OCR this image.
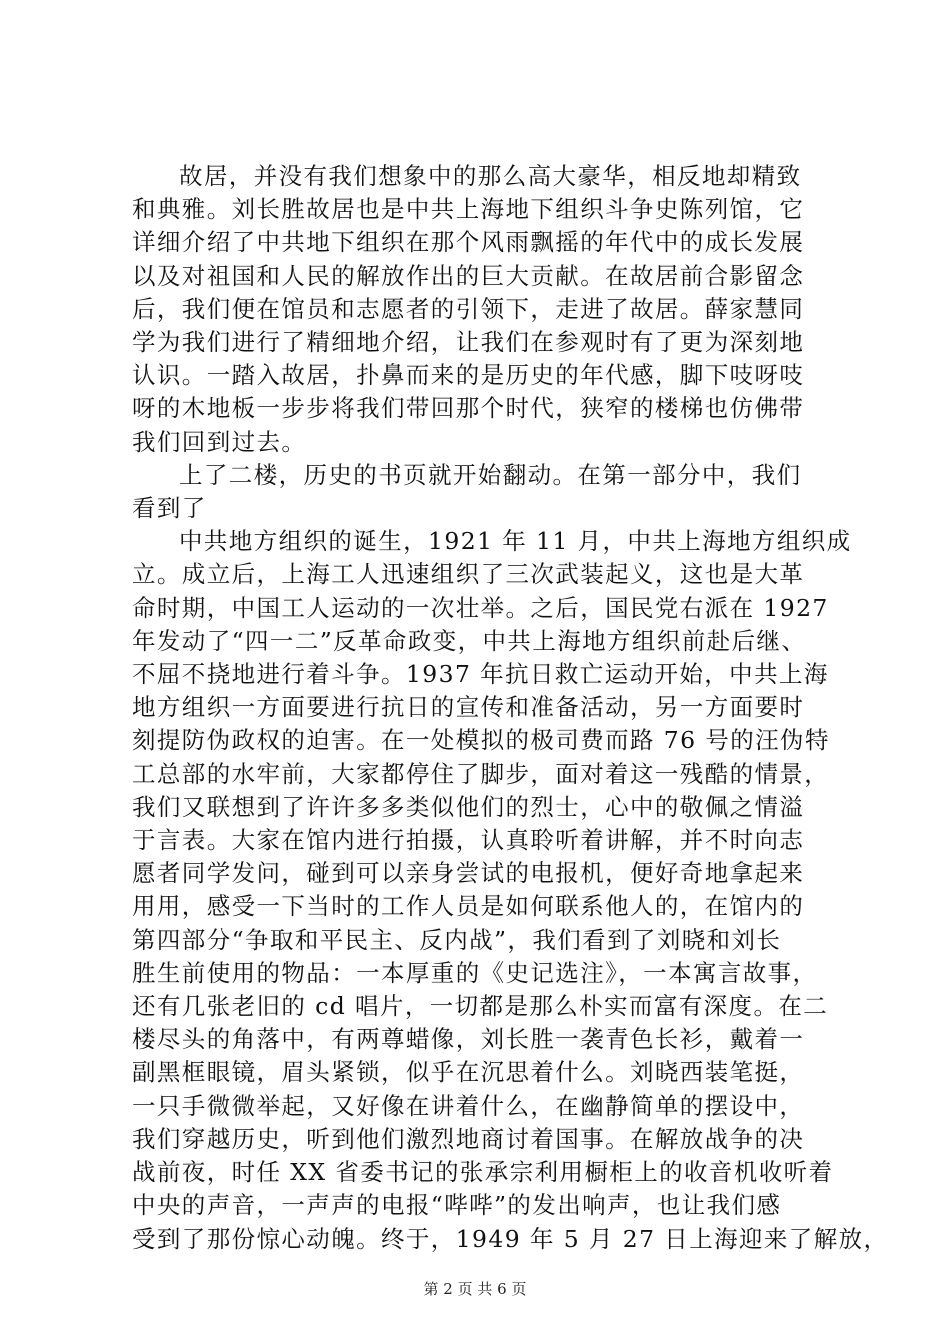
故居，并没有我们想象中的那么高大豪华，相反地却精致
和典雅。刘长胜故居也是中共上海地下组织斗争史陈列馆，它
详细介绍了中共地下组织在那个风雨飘摇的年代中的成长发展
以及对祖国和人民的解放作出的巨大贡献。在故居前合影留念
后，我们便在馆员和志愿者的引领下，走进了故居。薛家慧同
学为我们进行了精细地介绍，让我们在参观时有了更为深刻地
认识。一踏入故居，扑鼻而来的是历史的年代感，脚下吱呀吱
呀的木地板一步步将我们带回那个时代，狭窄的楼梯也仿佛带
我们回到过去。

上了二楼，历史的书页就开始翻动。在第一部分中，我们
看到了

中共地方组织的诞生，1921 年 11 月，中共上海地方组织成
立。成立后，上海工人迅速组织了三次武装起义，这也是大革
命时期，中国工人运动的一次壮举。之后，国民党右派在 1927
年发动了“四一二”反革命政变，中共上海地方组织前赴后继、
不屈不挠地进行着斗争。1937 年抗日救亡运动开始，中共上海
地方组织一方面要进行抗日的宣传和准备活动，另一方面要时
刻提防伪政权的迫害。在一处模拟的极司费而路 76 号的汪伪特
工总部的水牢前，大家都停住了脚步，面对着这一残酷的情景，
我们又联想到了许许多多类似他们的烈士，心中的敬佩之情溢
于言表。大家在馆内进行拍摄，认真聆听着讲解，并不时向志
愿者同学发问，碰到可以亲身尝试的电报机，便好奇地拿起来
用用，感受一下当时的工作人员是如何联系他人的，在馆内的
第四部分“争取和平民主、反内战”，我们看到了刘晓和刘长
胜生前使用的物品：一本厚重的《史记选注》，一本寓言故事，
还有几张老旧的 cd 唱片，一切都是那么朴实而富有深度。在二
楼尽头的角落中，有两尊蜡像，刘长胜一袭青色长衫，戴着一
副黑框眼镜，眉头紧锁，似乎在沉思着什么。刘晓西装笔挺，
一只手微微举起，又好像在讲着什么，在幽静简单的摆设中，
我们穿越历史，听到他们激烈地商讨着国事。在解放战争的决
战前夜，时任 XX 省委书记的张承宗利用橱柜上的收音机收听着
中央的声音，一声声的电报“哔哔”的发出响声，也让我们感
受到了那份惊心动魄。终于，1949 年 5 月 27 日上海迎来了解放，

第 2 页 共 6 页
